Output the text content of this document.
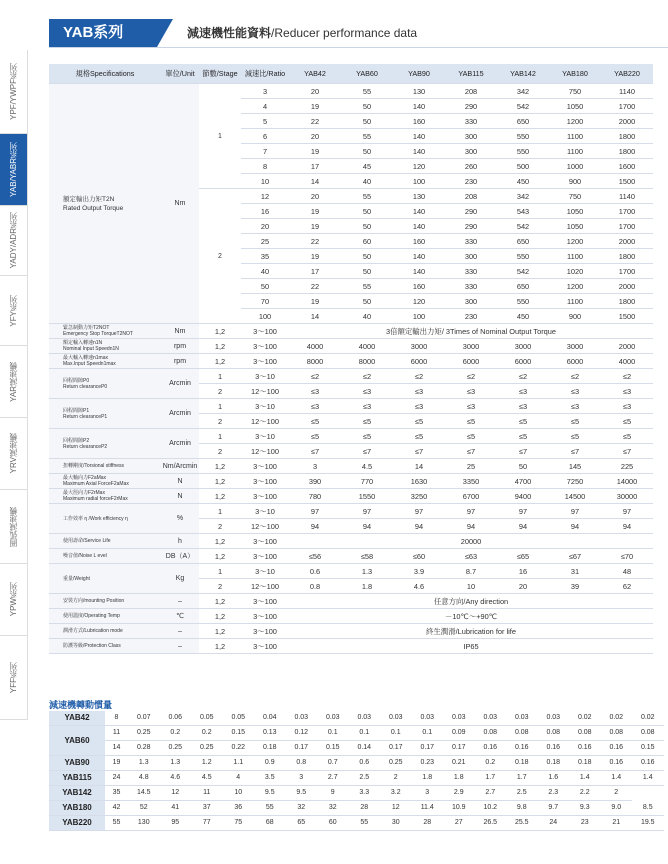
YAB系列	減速機性能資料/Reducer performance data
YPF/YWPF系列
YAB/YABR系列
YADY/ADR系列
YFY系列
YAR減速機
YRV減速機
圓弧減速機
YPW系列
YFF系列
規格Specifications	單位/Unit	節數/Stage	減速比/Ratio	YAB42	YAB60	YAB90	YAB115	YAB142	YAB180	YAB220
額定輸出力矩T2N
Rated Output Torque	Nm	1	3	20	55	130	208	342	750	1140
			4	19	50	140	290	542	1050	1700
			5	22	50	160	330	650	1200	2000
			6	20	55	140	300	550	1100	1800
			7	19	50	140	300	550	1100	1800
			8	17	45	120	260	500	1000	1600
			10	14	40	100	230	450	900	1500
		2	12	20	55	130	208	342	750	1140
			16	19	50	140	290	543	1050	1700
			20	19	50	140	290	542	1050	1700
			25	22	60	160	330	650	1200	2000
			35	19	50	140	300	550	1100	1800
			40	17	50	140	330	542	1020	1700
			50	22	55	160	330	650	1200	2000
			70	19	50	120	300	550	1100	1800
			100	14	40	100	230	450	900	1500
緊急制動力矩T2NOT
Emergency Stop TorqueT2NOT	Nm	1,2	3～100	3倍額定輸出力矩/ 3Times of Nominal Output Torque						
額定輸入轉速n1N
Nominal Input Speedn1N	rpm	1,2	3～100	4000	4000	3000	3000	3000	3000	2000
最大輸入轉速n1max
Max.Input Speedn1max	rpm	1,2	3～100	8000	8000	6000	6000	6000	6000	4000
回程間隙P0
Return clearanceP0	Arcmin	1	3～10	≤2	≤2	≤2	≤2	≤2	≤2	≤2
		2	12～100	≤3	≤3	≤3	≤3	≤3	≤3	≤3
回程間隙P1
Return clearanceP1	Arcmin	1	3～10	≤3	≤3	≤3	≤3	≤3	≤3	≤3
		2	12～100	≤5	≤5	≤5	≤5	≤5	≤5	≤5
回程間隙P2
Return clearanceP2	Arcmin	1	3～10	≤5	≤5	≤5	≤5	≤5	≤5	≤5
		2	12～100	≤7	≤7	≤7	≤7	≤7	≤7	≤7
扭轉剛度/Torsional stiffness	Nm/Arcmin	1,2	3～100	3	4.5	14	25	50	145	225
最大軸向力F2aMax
Maximum Axial ForceF2aMax	N	1,2	3～100	390	770	1630	3350	4700	7250	14000
最大徑向力F2rMax
Maximum radial forceF2rMax	N	1,2	3～100	780	1550	3250	6700	9400	14500	30000
工作效率 η /Work efficiency η	%	1	3～10	97	97	97	97	97	97	97
		2	12～100	94	94	94	94	94	94	94
使用壽命/Service Life	h	1,2	3～100	20000						
噪音值/Noise L evel	DB（A）	1,2	3～100	≤56	≤58	≤60	≤63	≤65	≤67	≤70
重量/Weight	Kg	1	3～10	0.6	1.3	3.9	8.7	16	31	48
		2	12～100	0.8	1.8	4.6	10	20	39	62
安裝方向/mounting Position	–	1,2	3～100	任意方向/Any direction						
使用溫度/Operating Temp	℃	1,2	3～100	－10℃～+90℃						
潤滑方式/Lubrication mode	–	1,2	3～100	終生潤滑/Lubrication for life						
防護等級/Protection Class	–	1,2	3～100	IP65						
減速機轉動慣量
YAB42	8	0.07	0.06	0.05	0.05	0.04	0.03	0.03	0.03	0.03	0.03	0.03	0.03	0.03	0.03	0.02	0.02	0.02
YAB60	11	0.25	0.2	0.2	0.15	0.13	0.12	0.1	0.1	0.1	0.1	0.09	0.08	0.08	0.08	0.08	0.08	0.08
	14	0.28	0.25	0.25	0.22	0.18	0.17	0.15	0.14	0.17	0.17	0.17	0.16	0.16	0.16	0.16	0.16	0.15
YAB90	19	1.3	1.3	1.2	1.1	0.9	0.8	0.7	0.6	0.25	0.23	0.21	0.2	0.18	0.18	0.18	0.16	0.16
YAB115	24	4.8	4.6	4.5	4	3.5	3	2.7	2.5	2	1.8	1.8	1.7	1.7	1.6	1.4	1.4	1.4
YAB142	35	14.5	12	11	10	9.5	9.5	9	3.3	3.2	3	2.9	2.7	2.5	2.3	2.2	2	
YAB180	42	52	41	37	36	55	32	32	28	12	11.4	10.9	10.2	9.8	9.7	9.3	9.0	8.5
YAB220	55	130	95	77	75	68	65	60	55	30	28	27	26.5	25.5	24	23	21	19.5
